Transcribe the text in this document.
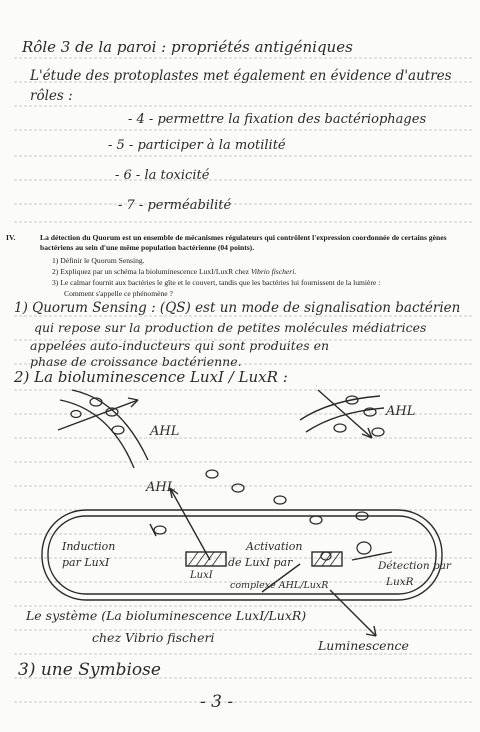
Rôle 3 de la paroi : propriétés antigéniques
L'étude des protoplastes met également en évidence d'autres
rôles :
- 4 - permettre la fixation des bactériophages
- 5 - participer à la motilité
- 6 - la toxicité
- 7 - perméabilité
IV.	La détection du Quorum est un ensemble de mécanismes régulateurs qui contrôlent l'expression coordonnée de certains gènes bactériens au sein d'une même population bactérienne (04 points).
1) Définir le Quorum Sensing.
2) Expliquez par un schéma la bioluminescence LuxI/LuxR chez Vibrio fischeri.
3) Le calmar fournit aux bactéries le gîte et le couvert, tandis que les bactéries lui fournissent de la lumière :
Comment s'appelle ce phénomène ?
1) Quorum Sensing : (QS) est un mode de signalisation bactérien
qui repose sur la production de petites molécules médiatrices
appelées auto-inducteurs qui sont produites en
phase de croissance bactérienne.
2) La bioluminescence LuxI / LuxR :
AHL
AHL
AHL
Induction
par LuxI
Activation
de LuxI par
complexe AHL/LuxR
LuxI
Détection par
LuxR
Le système (La bioluminescence LuxI/LuxR)
chez Vibrio fischeri
Luminescence
3) une Symbiose
- 3 -
